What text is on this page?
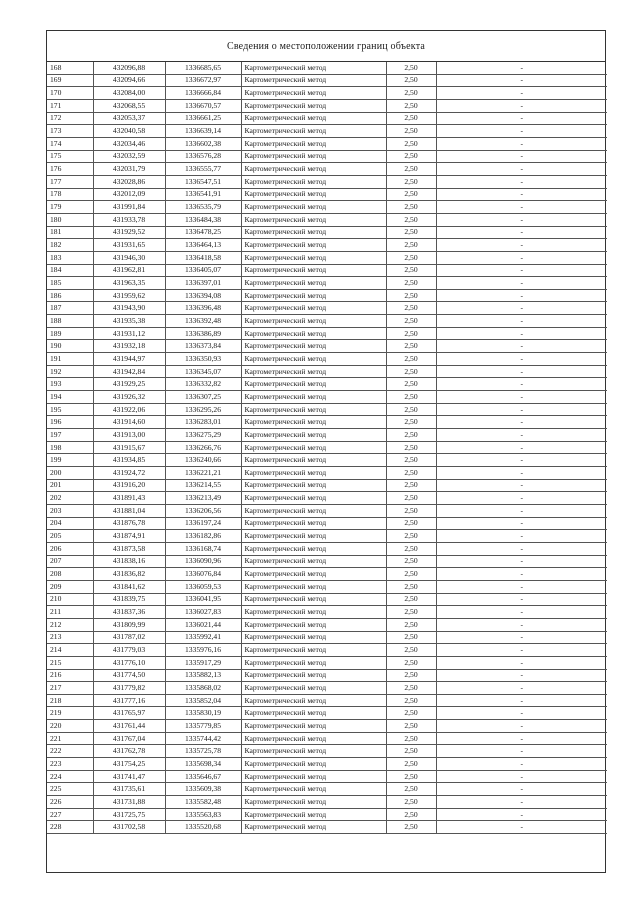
Сведения о местоположении границ объекта
168	432096,88	1336685,65	Картометрический метод	2,50	-
169	432094,66	1336672,97	Картометрический метод	2,50	-
170	432084,00	1336666,84	Картометрический метод	2,50	-
171	432068,55	1336670,57	Картометрический метод	2,50	-
172	432053,37	1336661,25	Картометрический метод	2,50	-
173	432040,58	1336639,14	Картометрический метод	2,50	-
174	432034,46	1336602,38	Картометрический метод	2,50	-
175	432032,59	1336576,28	Картометрический метод	2,50	-
176	432031,79	1336555,77	Картометрический метод	2,50	-
177	432028,86	1336547,51	Картометрический метод	2,50	-
178	432012,09	1336541,91	Картометрический метод	2,50	-
179	431991,84	1336535,79	Картометрический метод	2,50	-
180	431933,78	1336484,38	Картометрический метод	2,50	-
181	431929,52	1336478,25	Картометрический метод	2,50	-
182	431931,65	1336464,13	Картометрический метод	2,50	-
183	431946,30	1336418,58	Картометрический метод	2,50	-
184	431962,81	1336405,07	Картометрический метод	2,50	-
185	431963,35	1336397,01	Картометрический метод	2,50	-
186	431959,62	1336394,08	Картометрический метод	2,50	-
187	431943,90	1336396,48	Картометрический метод	2,50	-
188	431935,38	1336392,48	Картометрический метод	2,50	-
189	431931,12	1336386,89	Картометрический метод	2,50	-
190	431932,18	1336373,84	Картометрический метод	2,50	-
191	431944,97	1336350,93	Картометрический метод	2,50	-
192	431942,84	1336345,07	Картометрический метод	2,50	-
193	431929,25	1336332,82	Картометрический метод	2,50	-
194	431926,32	1336307,25	Картометрический метод	2,50	-
195	431922,06	1336295,26	Картометрический метод	2,50	-
196	431914,60	1336283,01	Картометрический метод	2,50	-
197	431913,00	1336275,29	Картометрический метод	2,50	-
198	431915,67	1336266,76	Картометрический метод	2,50	-
199	431934,85	1336240,66	Картометрический метод	2,50	-
200	431924,72	1336221,21	Картометрический метод	2,50	-
201	431916,20	1336214,55	Картометрический метод	2,50	-
202	431891,43	1336213,49	Картометрический метод	2,50	-
203	431881,04	1336206,56	Картометрический метод	2,50	-
204	431876,78	1336197,24	Картометрический метод	2,50	-
205	431874,91	1336182,86	Картометрический метод	2,50	-
206	431873,58	1336168,74	Картометрический метод	2,50	-
207	431838,16	1336090,96	Картометрический метод	2,50	-
208	431836,82	1336076,84	Картометрический метод	2,50	-
209	431841,62	1336059,53	Картометрический метод	2,50	-
210	431839,75	1336041,95	Картометрический метод	2,50	-
211	431837,36	1336027,83	Картометрический метод	2,50	-
212	431809,99	1336021,44	Картометрический метод	2,50	-
213	431787,02	1335992,41	Картометрический метод	2,50	-
214	431779,03	1335976,16	Картометрический метод	2,50	-
215	431776,10	1335917,29	Картометрический метод	2,50	-
216	431774,50	1335882,13	Картометрический метод	2,50	-
217	431779,82	1335868,02	Картометрический метод	2,50	-
218	431777,16	1335852,04	Картометрический метод	2,50	-
219	431765,97	1335830,19	Картометрический метод	2,50	-
220	431761,44	1335779,85	Картометрический метод	2,50	-
221	431767,04	1335744,42	Картометрический метод	2,50	-
222	431762,78	1335725,78	Картометрический метод	2,50	-
223	431754,25	1335698,34	Картометрический метод	2,50	-
224	431741,47	1335646,67	Картометрический метод	2,50	-
225	431735,61	1335609,38	Картометрический метод	2,50	-
226	431731,88	1335582,48	Картометрический метод	2,50	-
227	431725,75	1335563,83	Картометрический метод	2,50	-
228	431702,58	1335520,68	Картометрический метод	2,50	-
